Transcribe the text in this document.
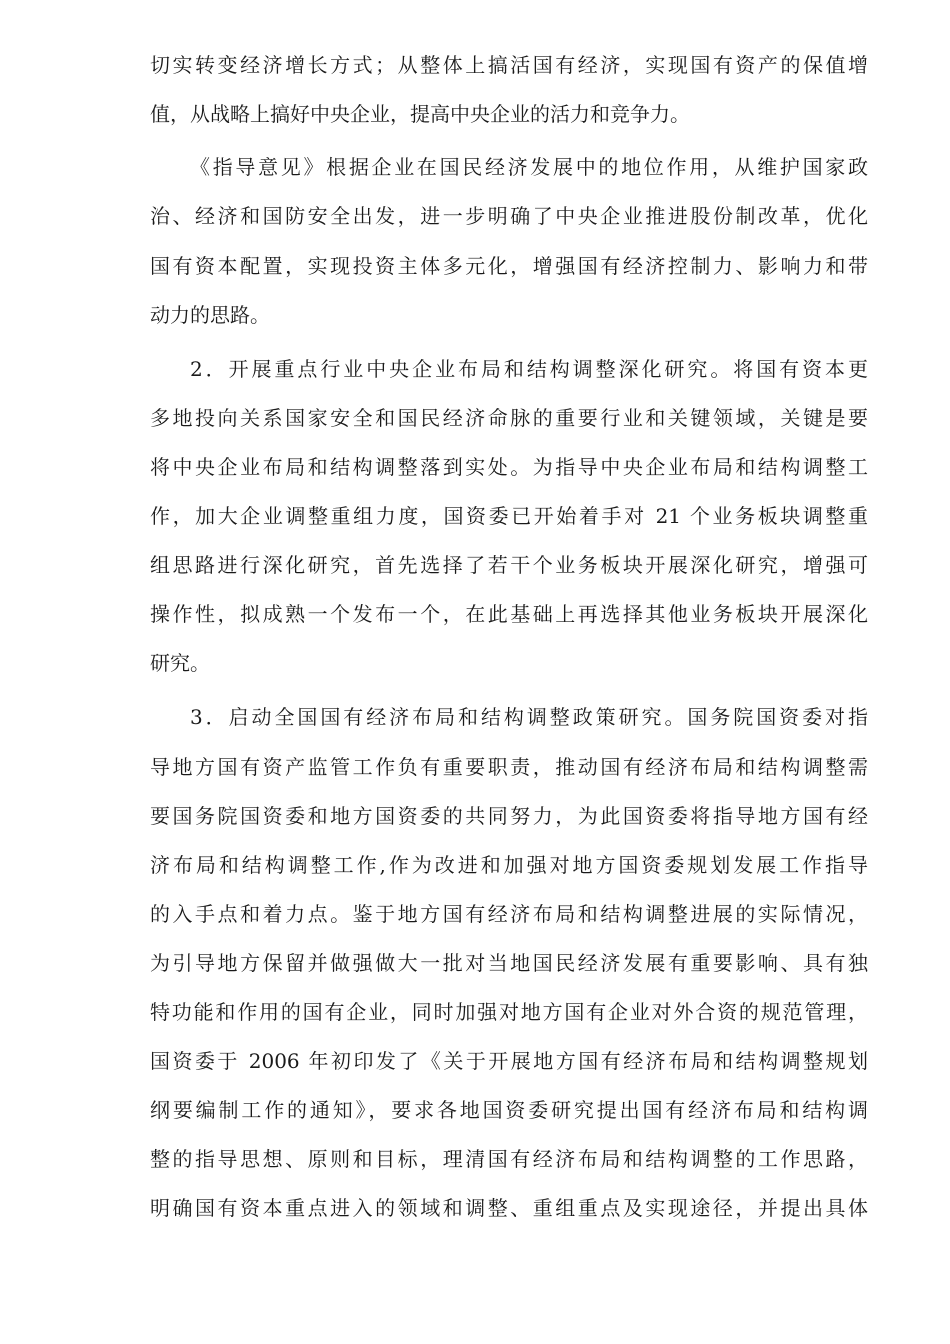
切实转变经济增长方式；从整体上搞活国有经济，实现国有资产的保值增
值，从战略上搞好中央企业，提高中央企业的活力和竞争力。
《指导意见》根据企业在国民经济发展中的地位作用，从维护国家政
治、经济和国防安全出发，进一步明确了中央企业推进股份制改革，优化
国有资本配置，实现投资主体多元化，增强国有经济控制力、影响力和带
动力的思路。
2．开展重点行业中央企业布局和结构调整深化研究。将国有资本更
多地投向关系国家安全和国民经济命脉的重要行业和关键领域，关键是要
将中央企业布局和结构调整落到实处。为指导中央企业布局和结构调整工
作，加大企业调整重组力度，国资委已开始着手对 21 个业务板块调整重
组思路进行深化研究，首先选择了若干个业务板块开展深化研究，增强可
操作性，拟成熟一个发布一个，在此基础上再选择其他业务板块开展深化
研究。
3．启动全国国有经济布局和结构调整政策研究。国务院国资委对指
导地方国有资产监管工作负有重要职责，推动国有经济布局和结构调整需
要国务院国资委和地方国资委的共同努力，为此国资委将指导地方国有经
济布局和结构调整工作,作为改进和加强对地方国资委规划发展工作指导
的入手点和着力点。鉴于地方国有经济布局和结构调整进展的实际情况，
为引导地方保留并做强做大一批对当地国民经济发展有重要影响、具有独
特功能和作用的国有企业，同时加强对地方国有企业对外合资的规范管理，
国资委于 2006 年初印发了《关于开展地方国有经济布局和结构调整规划
纲要编制工作的通知》，要求各地国资委研究提出国有经济布局和结构调
整的指导思想、原则和目标，理清国有经济布局和结构调整的工作思路，
明确国有资本重点进入的领域和调整、重组重点及实现途径，并提出具体
